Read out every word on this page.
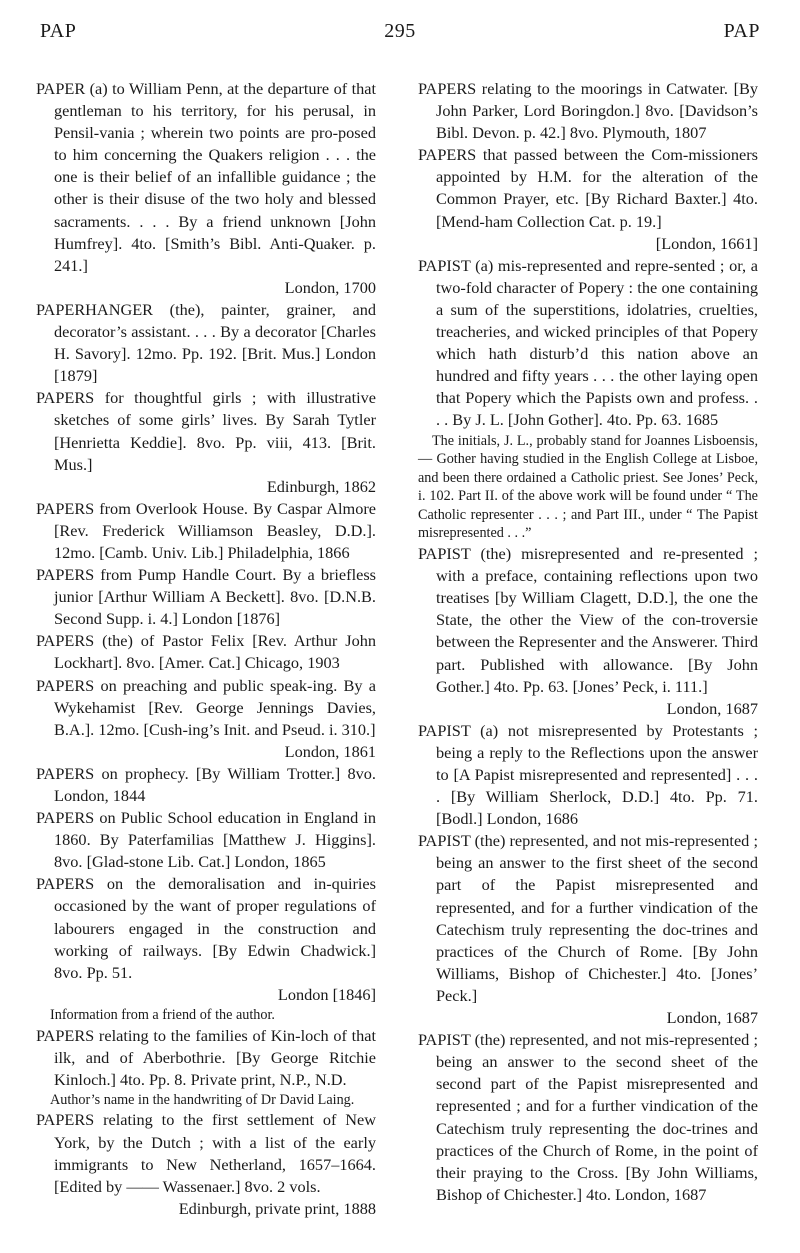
PAP	295	PAP

PAPER (a) to William Penn, at the departure of that gentleman to his territory, for his perusal, in Pensil-vania ; wherein two points are pro-posed to him concerning the Quakers religion . . . the one is their belief of an infallible guidance ; the other is their disuse of the two holy and blessed sacraments. . . . By a friend unknown [John Humfrey]. 4to. [Smith’s Bibl. Anti-Quaker. p. 241.]
London, 1700

PAPERHANGER (the), painter, grainer, and decorator’s assistant. . . . By a decorator [Charles H. Savory]. 12mo. Pp. 192. [Brit. Mus.] London [1879]

PAPERS for thoughtful girls ; with illustrative sketches of some girls’ lives. By Sarah Tytler [Henrietta Keddie]. 8vo. Pp. viii, 413. [Brit. Mus.]
Edinburgh, 1862

PAPERS from Overlook House. By Caspar Almore [Rev. Frederick Williamson Beasley, D.D.]. 12mo. [Camb. Univ. Lib.] Philadelphia, 1866

PAPERS from Pump Handle Court. By a briefless junior [Arthur William A Beckett]. 8vo. [D.N.B. Second Supp. i. 4.] London [1876]

PAPERS (the) of Pastor Felix [Rev. Arthur John Lockhart]. 8vo. [Amer. Cat.] Chicago, 1903

PAPERS on preaching and public speak-ing. By a Wykehamist [Rev. George Jennings Davies, B.A.]. 12mo. [Cush-ing’s Init. and Pseud. i. 310.]
London, 1861

PAPERS on prophecy. [By William Trotter.] 8vo. London, 1844

PAPERS on Public School education in England in 1860. By Paterfamilias [Matthew J. Higgins]. 8vo. [Glad-stone Lib. Cat.] London, 1865

PAPERS on the demoralisation and in-quiries occasioned by the want of proper regulations of labourers engaged in the construction and working of railways. [By Edwin Chadwick.] 8vo. Pp. 51.
London [1846]

Information from a friend of the author.

PAPERS relating to the families of Kin-loch of that ilk, and of Aberbothrie. [By George Ritchie Kinloch.] 4to. Pp. 8. Private print, N.P., N.D.

Author’s name in the handwriting of Dr David Laing.

PAPERS relating to the first settlement of New York, by the Dutch ; with a list of the early immigrants to New Netherland, 1657–1664. [Edited by —— Wassenaer.] 8vo. 2 vols.
Edinburgh, private print, 1888

PAPERS relating to the moorings in Catwater. [By John Parker, Lord Boringdon.] 8vo. [Davidson’s Bibl. Devon. p. 42.] 8vo. Plymouth, 1807

PAPERS that passed between the Com-missioners appointed by H.M. for the alteration of the Common Prayer, etc. [By Richard Baxter.] 4to. [Mend-ham Collection Cat. p. 19.]
[London, 1661]

PAPIST (a) mis-represented and repre-sented ; or, a two-fold character of Popery : the one containing a sum of the superstitions, idolatries, cruelties, treacheries, and wicked principles of that Popery which hath disturb’d this nation above an hundred and fifty years . . . the other laying open that Popery which the Papists own and profess. . . . By J. L. [John Gother]. 4to. Pp. 63. 1685

The initials, J. L., probably stand for Joannes Lisboensis, — Gother having studied in the English College at Lisboe, and been there ordained a Catholic priest. See Jones’ Peck, i. 102. Part II. of the above work will be found under “ The Catholic representer . . . ; and Part III., under “ The Papist misrepresented . . .”

PAPIST (the) misrepresented and re-presented ; with a preface, containing reflections upon two treatises [by William Clagett, D.D.], the one the State, the other the View of the con-troversie between the Representer and the Answerer. Third part. Published with allowance. [By John Gother.] 4to. Pp. 63. [Jones’ Peck, i. 111.]
London, 1687

PAPIST (a) not misrepresented by Protestants ; being a reply to the Reflections upon the answer to [A Papist misrepresented and represented] . . . . [By William Sherlock, D.D.] 4to. Pp. 71. [Bodl.] London, 1686

PAPIST (the) represented, and not mis-represented ; being an answer to the first sheet of the second part of the Papist misrepresented and represented, and for a further vindication of the Catechism truly representing the doc-trines and practices of the Church of Rome. [By John Williams, Bishop of Chichester.] 4to. [Jones’ Peck.]
London, 1687

PAPIST (the) represented, and not mis-represented ; being an answer to the second sheet of the second part of the Papist misrepresented and represented ; and for a further vindication of the Catechism truly representing the doc-trines and practices of the Church of Rome, in the point of their praying to the Cross. [By John Williams, Bishop of Chichester.] 4to. London, 1687
